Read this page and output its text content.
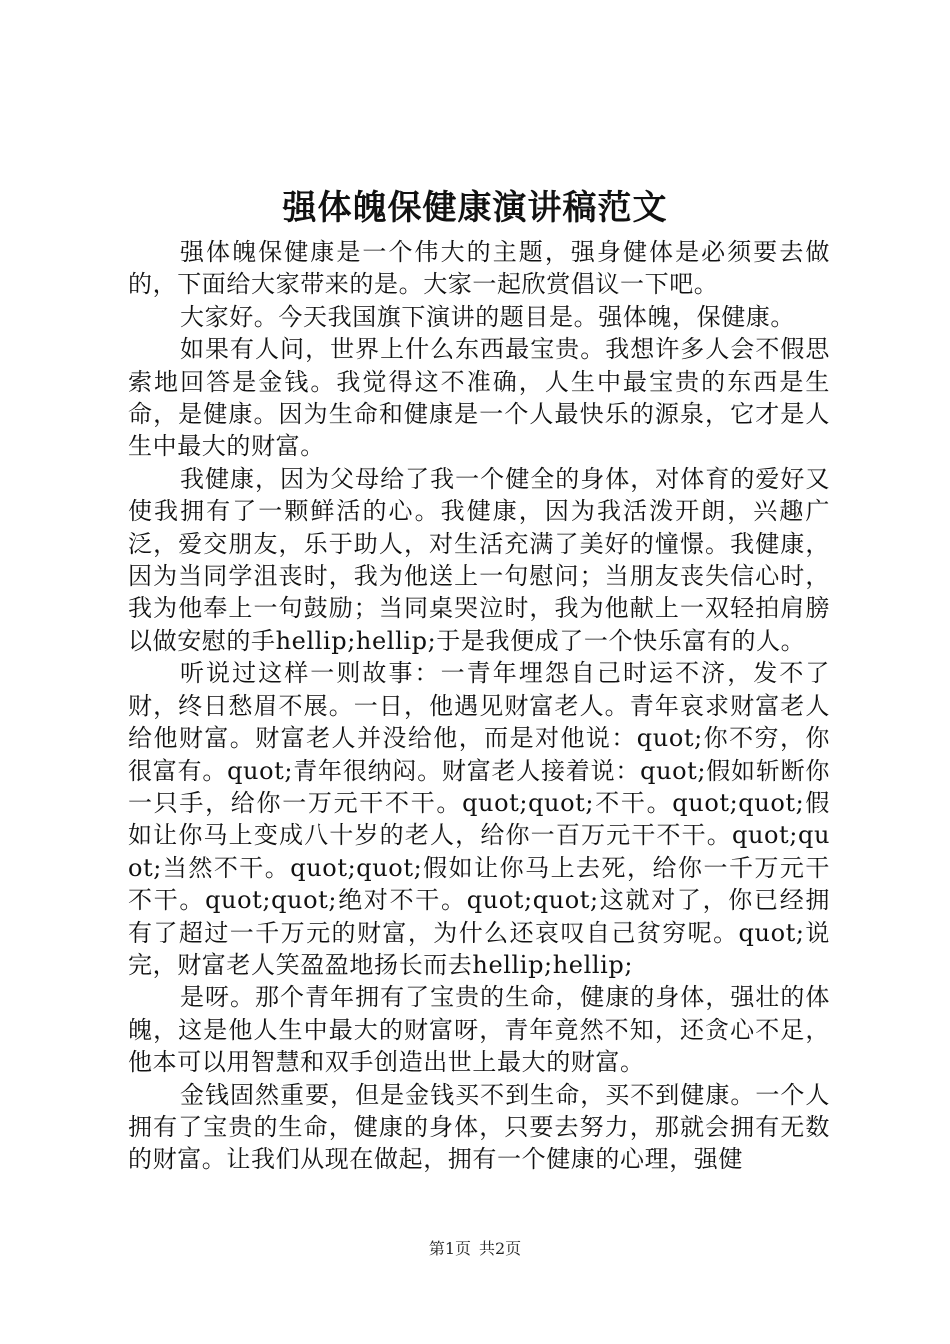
强体魄保健康演讲稿范文

强体魄保健康是一个伟大的主题，强身健体是必须要去做的，下面给大家带来的是。大家一起欣赏倡议一下吧。

大家好。今天我国旗下演讲的题目是。强体魄，保健康。

如果有人问，世界上什么东西最宝贵。我想许多人会不假思索地回答是金钱。我觉得这不准确，人生中最宝贵的东西是生命，是健康。因为生命和健康是一个人最快乐的源泉，它才是人生中最大的财富。

我健康，因为父母给了我一个健全的身体，对体育的爱好又使我拥有了一颗鲜活的心。我健康，因为我活泼开朗，兴趣广泛，爱交朋友，乐于助人，对生活充满了美好的憧憬。我健康，因为当同学沮丧时，我为他送上一句慰问；当朋友丧失信心时，我为他奉上一句鼓励；当同桌哭泣时，我为他献上一双轻拍肩膀以做安慰的手hellip;hellip;于是我便成了一个快乐富有的人。

听说过这样一则故事：一青年埋怨自己时运不济，发不了财，终日愁眉不展。一日，他遇见财富老人。青年哀求财富老人给他财富。财富老人并没给他，而是对他说：quot;你不穷，你很富有。quot;青年很纳闷。财富老人接着说：quot;假如斩断你一只手，给你一万元干不干。quot;quot;不干。quot;quot;假如让你马上变成八十岁的老人，给你一百万元干不干。quot;quot;当然不干。quot;quot;假如让你马上去死，给你一千万元干不干。quot;quot;绝对不干。quot;quot;这就对了，你已经拥有了超过一千万元的财富，为什么还哀叹自己贫穷呢。quot;说完，财富老人笑盈盈地扬长而去hellip;hellip;

是呀。那个青年拥有了宝贵的生命，健康的身体，强壮的体魄，这是他人生中最大的财富呀，青年竟然不知，还贪心不足，他本可以用智慧和双手创造出世上最大的财富。

金钱固然重要，但是金钱买不到生命，买不到健康。一个人拥有了宝贵的生命，健康的身体，只要去努力，那就会拥有无数的财富。让我们从现在做起，拥有一个健康的心理，强健

第1页 共2页
